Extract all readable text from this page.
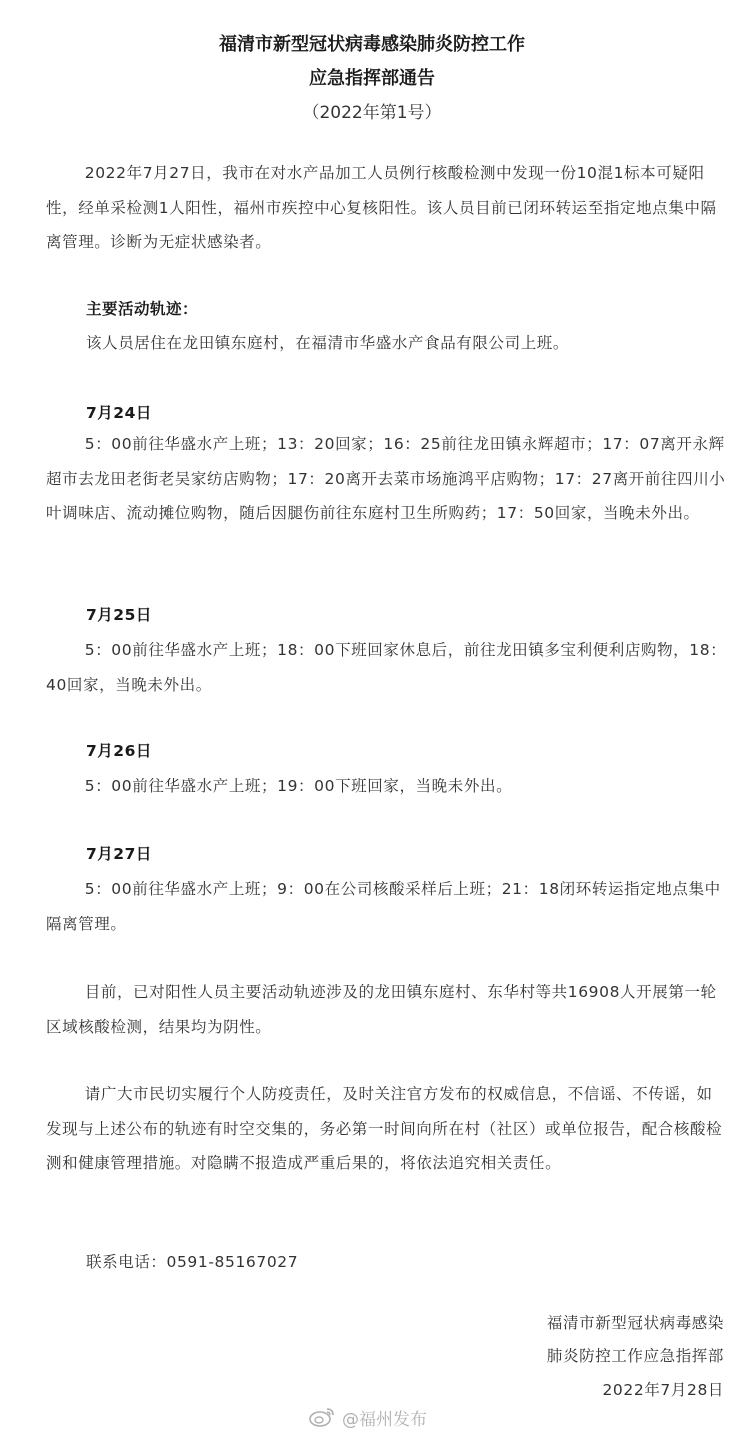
福清市新型冠状病毒感染肺炎防控工作
应急指挥部通告
（2022年第1号）

2022年7月27日，我市在对水产品加工人员例行核酸检测中发现一份10混1标本可疑阳性，经单采检测1人阳性，福州市疾控中心复核阳性。该人员目前已闭环转运至指定地点集中隔离管理。诊断为无症状感染者。

主要活动轨迹：
该人员居住在龙田镇东庭村，在福清市华盛水产食品有限公司上班。
7月24日

5：00前往华盛水产上班；13：20回家；16：25前往龙田镇永辉超市；17：07离开永辉超市去龙田老街老吴家纺店购物；17：20离开去菜市场施鸿平店购物；17：27离开前往四川小叶调味店、流动摊位购物，随后因腿伤前往东庭村卫生所购药；17：50回家，当晚未外出。

7月25日

5：00前往华盛水产上班；18：00下班回家休息后，前往龙田镇多宝利便利店购物，18：40回家，当晚未外出。

7月26日

5：00前往华盛水产上班；19：00下班回家，当晚未外出。

7月27日

5：00前往华盛水产上班；9：00在公司核酸采样后上班；21：18闭环转运指定地点集中隔离管理。

目前，已对阳性人员主要活动轨迹涉及的龙田镇东庭村、东华村等共16908人开展第一轮区域核酸检测，结果均为阴性。

请广大市民切实履行个人防疫责任，及时关注官方发布的权威信息，不信谣、不传谣，如发现与上述公布的轨迹有时空交集的，务必第一时间向所在村（社区）或单位报告，配合核酸检测和健康管理措施。对隐瞒不报造成严重后果的，将依法追究相关责任。

联系电话：0591-85167027
福清市新型冠状病毒感染
肺炎防控工作应急指挥部
2022年7月28日
@福州发布
